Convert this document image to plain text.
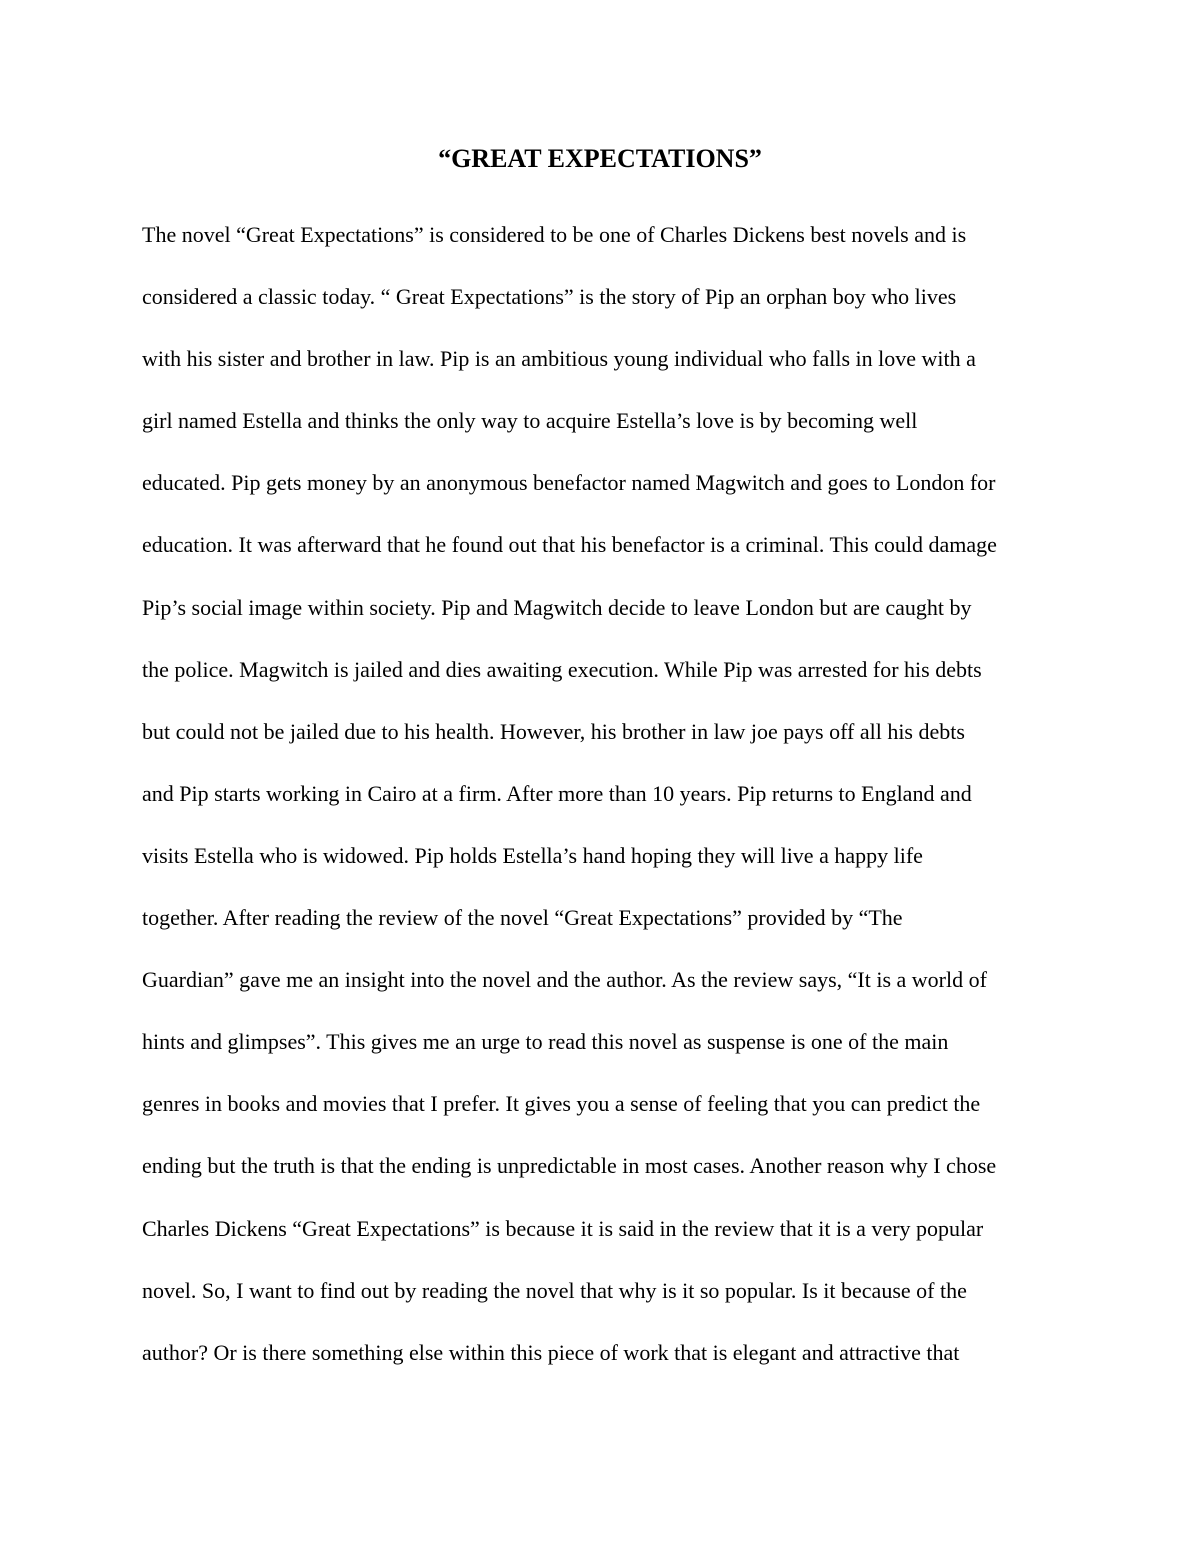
“GREAT EXPECTATIONS”
The novel “Great Expectations” is considered to be one of Charles Dickens best novels and is
considered a classic today. “ Great Expectations” is the story of Pip an orphan boy who lives
with his sister and brother in law. Pip is an ambitious young individual who falls in love with a
girl named Estella and thinks the only way to acquire Estella’s love is by becoming well
educated. Pip gets money by an anonymous benefactor named Magwitch and goes to London for
education. It was afterward that he found out that his benefactor is a criminal. This could damage
Pip’s social image within society. Pip and Magwitch decide to leave London but are caught by
the police. Magwitch is jailed and dies awaiting execution. While Pip was arrested for his debts
but could not be jailed due to his health. However, his brother in law joe pays off all his debts
and Pip starts working in Cairo at a firm. After more than 10 years. Pip returns to England and
visits Estella who is widowed. Pip holds Estella’s hand hoping they will live a happy life
together. After reading the review of the novel “Great Expectations” provided by “The
Guardian” gave me an insight into the novel and the author. As the review says, “It is a world of
hints and glimpses”. This gives me an urge to read this novel as suspense is one of the main
genres in books and movies that I prefer. It gives you a sense of feeling that you can predict the
ending but the truth is that the ending is unpredictable in most cases. Another reason why I chose
Charles Dickens “Great Expectations” is because it is said in the review that it is a very popular
novel. So, I want to find out by reading the novel that why is it so popular. Is it because of the
author? Or is there something else within this piece of work that is elegant and attractive that
